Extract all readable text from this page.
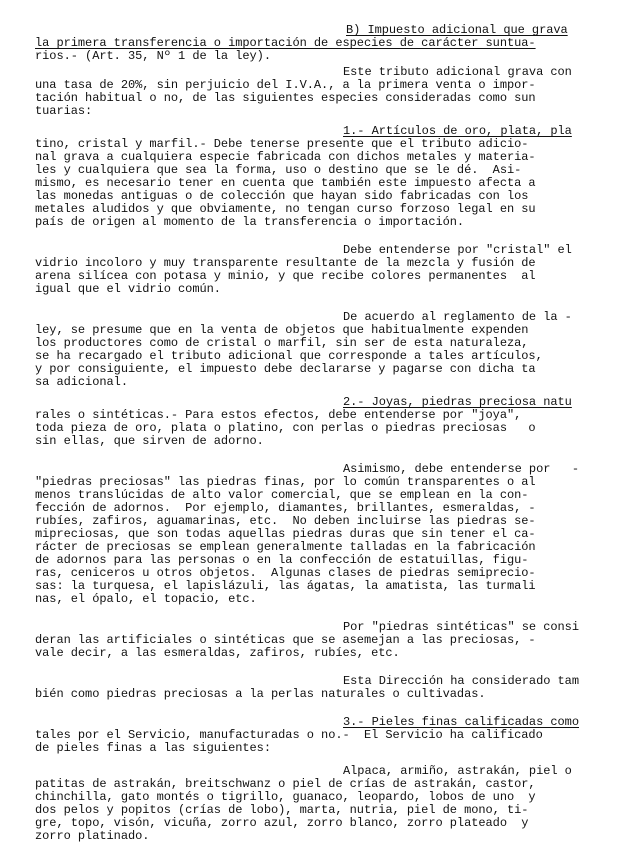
B) Impuesto adicional que grava
la primera transferencia o importación de especies de carácter suntua-
rios.- (Art. 35, Nº 1 de la ley).
Este tributo adicional grava con
una tasa de 20%, sin perjuicio del I.V.A., a la primera venta o impor-
tación habitual o no, de las siguientes especies consideradas como sun
tuarias:
1.- Artículos de oro, plata, pla
tino, cristal y marfil.- Debe tenerse presente que el tributo adicio-
nal grava a cualquiera especie fabricada con dichos metales y materia-
les y cualquiera que sea la forma, uso o destino que se le dé.  Asi-
mismo, es necesario tener en cuenta que también este impuesto afecta a
las monedas antiguas o de colección que hayan sido fabricadas con los
metales aludidos y que obviamente, no tengan curso forzoso legal en su
país de origen al momento de la transferencia o importación.
Debe entenderse por "cristal" el
vidrio incoloro y muy transparente resultante de la mezcla y fusión de
arena silícea con potasa y minio, y que recibe colores permanentes  al
igual que el vidrio común.
De acuerdo al reglamento de la -
ley, se presume que en la venta de objetos que habitualmente expenden
los productores como de cristal o marfil, sin ser de esta naturaleza,
se ha recargado el tributo adicional que corresponde a tales artículos,
y por consiguiente, el impuesto debe declararse y pagarse con dicha ta
sa adicional.
2.- Joyas, piedras preciosa natu
rales o sintéticas.- Para estos efectos, debe entenderse por "joya",
toda pieza de oro, plata o platino, con perlas o piedras preciosas   o
sin ellas, que sirven de adorno.
Asimismo, debe entenderse por   -
"piedras preciosas" las piedras finas, por lo común transparentes o al
menos translúcidas de alto valor comercial, que se emplean en la con-
fección de adornos.  Por ejemplo, diamantes, brillantes, esmeraldas, -
rubíes, zafiros, aguamarinas, etc.  No deben incluirse las piedras se-
mipreciosas, que son todas aquellas piedras duras que sin tener el ca-
rácter de preciosas se emplean generalmente talladas en la fabricación
de adornos para las personas o en la confección de estatuillas, figu-
ras, ceniceros u otros objetos.  Algunas clases de piedras semiprecio-
sas: la turquesa, el lapislázuli, las ágatas, la amatista, las turmali
nas, el ópalo, el topacio, etc.
Por "piedras sintéticas" se consi
deran las artificiales o sintéticas que se asemejan a las preciosas, -
vale decir, a las esmeraldas, zafiros, rubíes, etc.
Esta Dirección ha considerado tam
bién como piedras preciosas a la perlas naturales o cultivadas.
3.- Pieles finas calificadas como
tales por el Servicio, manufacturadas o no.-  El Servicio ha calificado
de pieles finas a las siguientes:
Alpaca, armiño, astrakán, piel o
patitas de astrakán, breitschwanz o piel de crías de astrakán, castor,
chinchilla, gato montés o tigrillo, guanaco, leopardo, lobos de uno  y
dos pelos y popitos (crías de lobo), marta, nutria, piel de mono, ti-
gre, topo, visón, vicuña, zorro azul, zorro blanco, zorro plateado  y
zorro platinado.
